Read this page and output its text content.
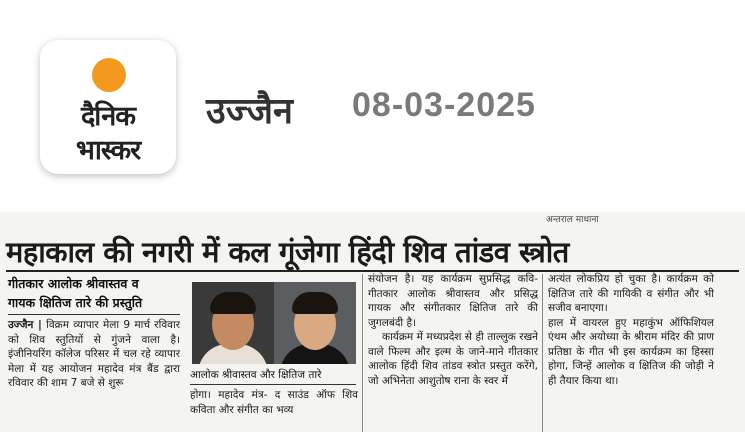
दैनिक
भास्कर
उज्जैन 08-03-2025
अन्तराल माधाना
महाकाल की नगरी में कल गूंजेगा हिंदी शिव तांडव स्त्रोत
गीतकार आलोक श्रीवास्तव व
गायक क्षितिज तारे की प्रस्तुति
उज्जैन | विक्रम व्यापार मेला 9 मार्च रविवार को शिव स्तुतियों से गुंजने वाला है। इंजीनियरिंग कॉलेज परिसर में चल रहे व्यापार मेला में यह आयोजन महादेव मंत्र बैंड द्वारा रविवार की शाम 7 बजे से शुरू
आलोक श्रीवास्तव और क्षितिज तारे
होगा। महादेव मंत्र- द साउंड ऑफ शिव कविता और संगीत का भव्य
संयोजन है। यह कार्यक्रम सुप्रसिद्ध कवि-गीतकार आलोक श्रीवास्तव और प्रसिद्ध गायक और संगीतकार क्षितिज तारे की जुगलबंदी है।
कार्यक्रम में मध्यप्रदेश से ही ताल्लुक रखने वाले फिल्म और इल्म के जाने-माने गीतकार आलोक हिंदी शिव तांडव स्त्रोत प्रस्तुत करेंगे, जो अभिनेता आशुतोष राना के स्वर में
अत्यंत लोकप्रिय हो चुका है। कार्यक्रम को क्षितिज तारे की गायिकी व संगीत और भी सजीव बनाएगा।
हाल में वायरल हुए महाकुंभ ऑफिशियल एंथम और अयोध्या के श्रीराम मंदिर की प्राण प्रतिष्ठा के गीत भी इस कार्यक्रम का हिस्सा होगा, जिन्हें आलोक व क्षितिज की जोड़ी ने ही तैयार किया था।
